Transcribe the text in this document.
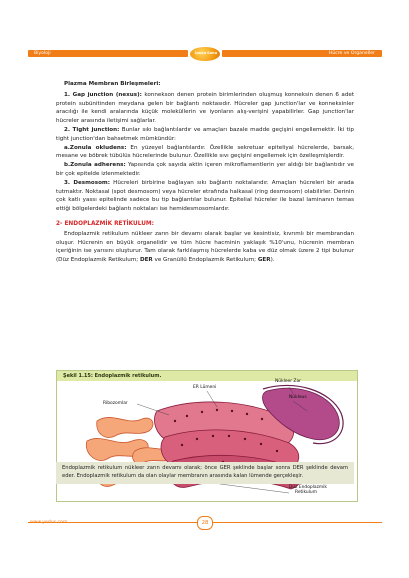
Biyoloji	Hücre ve Organeller
İpucu Sonu

Plazma Membran Birleşmeleri:

1. Gap junction (nexus): konnekson denen protein birimlerinden oluşmuş konneksin denen 6 adet protein subünitinden meydana gelen bir bağlantı noktasıdır. Hücreler gap junction'lar ve konneksinler aracılığı ile kendi aralarında küçük moleküllerin ve iyonların alış-verişini yapabilirler. Gap junction'lar hücreler arasında iletişimi sağlarlar.

2. Tight junction: Bunlar sıkı bağlantılardır ve amaçları bazale madde geçişini engellemektir. İki tip tight junction'dan bahsetmek mümkündür:

a.Zonula okludens: En yüzeyel bağlantılardır. Özellikle sekretuar epiteliyal hücrelerde, barsak, mesane ve böbrek tübülüs hücrelerinde bulunur. Özellikle sıvı geçişini engellemek için özelleşmişlerdir.

b.Zonula adherens: Yapısında çok sayıda aktin içeren mikroflamentlerin yer aldığı bir bağlantıdır ve bir çok epitelde izlenmektedir.

3. Desmosom: Hücreleri birbirine bağlayan sıkı bağlantı noktalarıdır. Amaçları hücreleri bir arada tutmaktır. Noktasal (spot desmosom) veya hücreler etrafında halkasal (ring desmosom) olabilirler. Derinin çok katlı yassı epitelinde sadece bu tip bağlantılar bulunur. Epitelial hücreler ile bazal laminanın temas ettiği bölgelerdeki bağlantı noktaları ise hemidesmosomlardır.

2- ENDOPLAZMİK RETİKULUM:

Endoplazmik retikulum nükleer zarın bir devamı olarak başlar ve kesintisiz, kıvrımlı bir membrandan oluşur. Hücrenin en büyük organelidir ve tüm hücre hacminin yaklaşık %10'unu, hücrenin membran içeriğinin ise yarısını oluşturur. Tam olarak farklılaşmış hücrelerde kaba ve düz olmak üzere 2 tipi bulunur (Düz Endoplazmik Retikulum; DER ve Granüllü Endoplazmik Retikulum; GER).

Şekil 1.15: Endoplazmik retikulum.
ER Lümeni
Nükleer Zar
Nükleus
Ribozomlar

Düz Endoplazmik
Retikulum
Endoplazmik retikulum nükleer zarın devamı olarak; önce GER şeklinde başlar sonra DER şeklinde devam eder. Endoplazmik retikulum da olan olaylar membranın arasında kalan lümende gerçekleşir.
www.yedus.com	28
